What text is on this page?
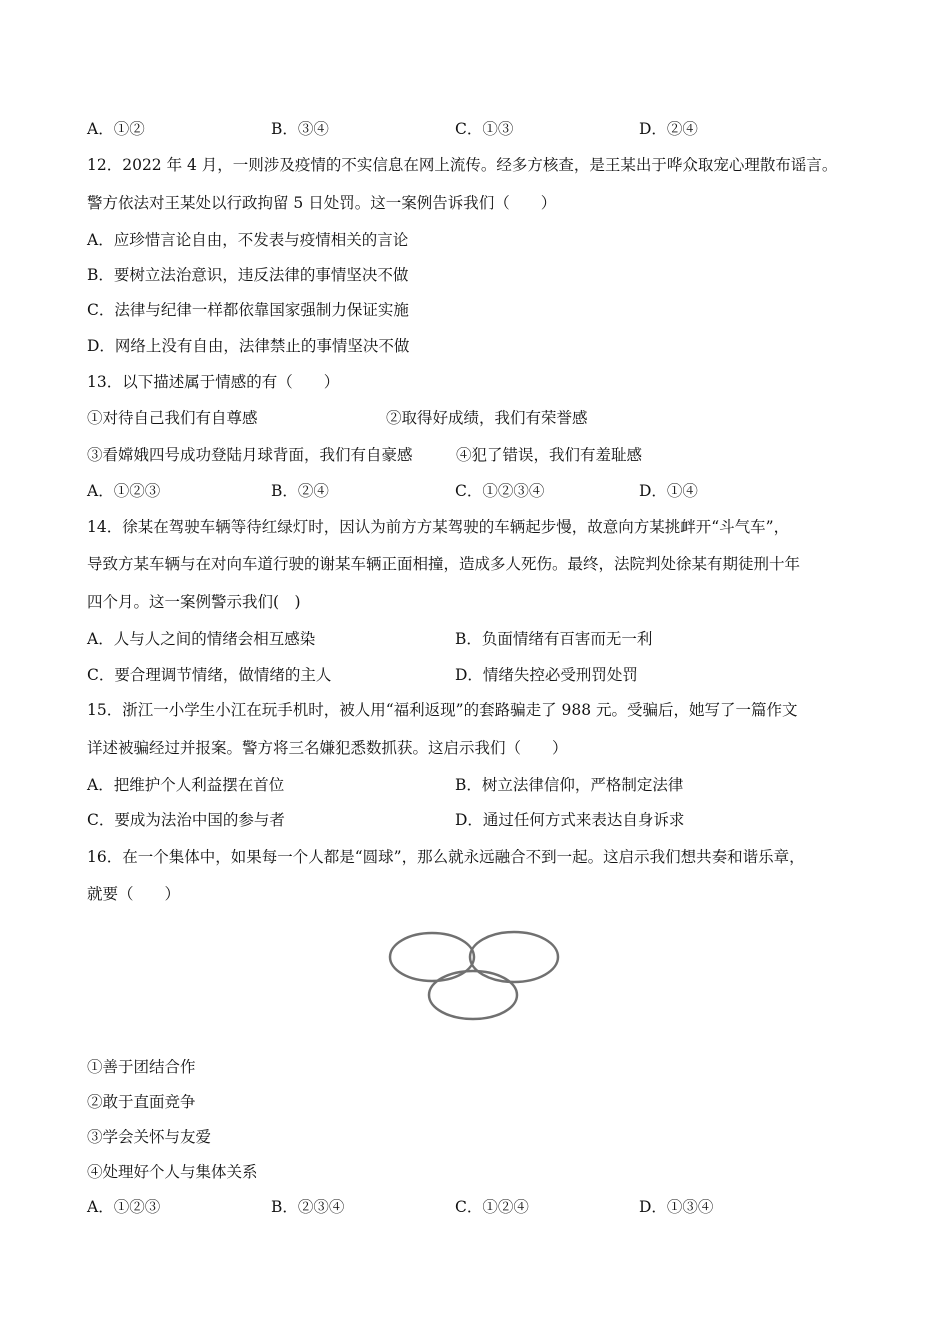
A．①②	B．③④	C．①③	D．②④
12．2022 年 4 月，一则涉及疫情的不实信息在网上流传。经多方核查，是王某出于哗众取宠心理散布谣言。
警方依法对王某处以行政拘留 5 日处罚。这一案例告诉我们（　　）
A．应珍惜言论自由，不发表与疫情相关的言论
B．要树立法治意识，违反法律的事情坚决不做
C．法律与纪律一样都依靠国家强制力保证实施
D．网络上没有自由，法律禁止的事情坚决不做
13．以下描述属于情感的有（　　）
①对待自己我们有自尊感	②取得好成绩，我们有荣誉感
③看嫦娥四号成功登陆月球背面，我们有自豪感	④犯了错误，我们有羞耻感
A．①②③	B．②④	C．①②③④	D．①④
14．徐某在驾驶车辆等待红绿灯时，因认为前方方某驾驶的车辆起步慢，故意向方某挑衅开“斗气车”，
导致方某车辆与在对向车道行驶的谢某车辆正面相撞，造成多人死伤。最终，法院判处徐某有期徒刑十年
四个月。这一案例警示我们(　)
A．人与人之间的情绪会相互感染	B．负面情绪有百害而无一利
C．要合理调节情绪，做情绪的主人	D．情绪失控必受刑罚处罚
15．浙江一小学生小江在玩手机时，被人用“福利返现”的套路骗走了 988 元。受骗后，她写了一篇作文
详述被骗经过并报案。警方将三名嫌犯悉数抓获。这启示我们（　　）
A．把维护个人利益摆在首位	B．树立法律信仰，严格制定法律
C．要成为法治中国的参与者	D．通过任何方式来表达自身诉求
16．在一个集体中，如果每一个人都是“圆球”，那么就永远融合不到一起。这启示我们想共奏和谐乐章，
就要（　　）
①善于团结合作
②敢于直面竞争
③学会关怀与友爱
④处理好个人与集体关系
A．①②③	B．②③④	C．①②④	D．①③④
